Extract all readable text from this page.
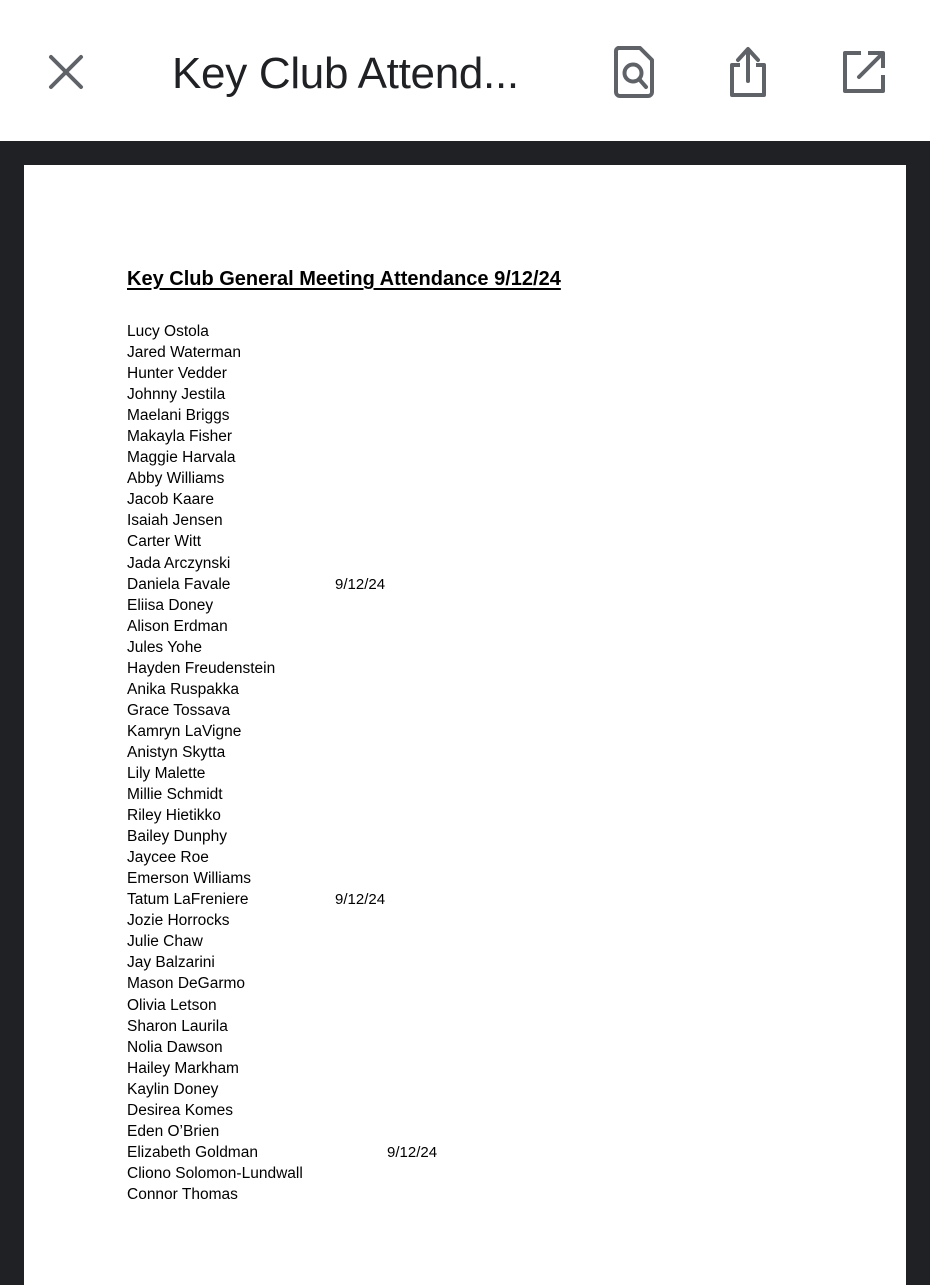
Key Club Attend...
Key Club General Meeting Attendance 9/12/24
Lucy Ostola
Jared Waterman
Hunter Vedder
Johnny Jestila
Maelani Briggs
Makayla Fisher
Maggie Harvala
Abby Williams
Jacob Kaare
Isaiah Jensen
Carter Witt
Jada Arczynski
Daniela Favale	9/12/24
Eliisa Doney
Alison Erdman
Jules Yohe
Hayden Freudenstein
Anika Ruspakka
Grace Tossava
Kamryn LaVigne
Anistyn Skytta
Lily Malette
Millie Schmidt
Riley Hietikko
Bailey Dunphy
Jaycee Roe
Emerson Williams
Tatum LaFreniere	9/12/24
Jozie Horrocks
Julie Chaw
Jay Balzarini
Mason DeGarmo
Olivia Letson
Sharon Laurila
Nolia Dawson
Hailey Markham
Kaylin Doney
Desirea Komes
Eden O’Brien
Elizabeth Goldman	9/12/24
Cliono Solomon-Lundwall
Connor Thomas
